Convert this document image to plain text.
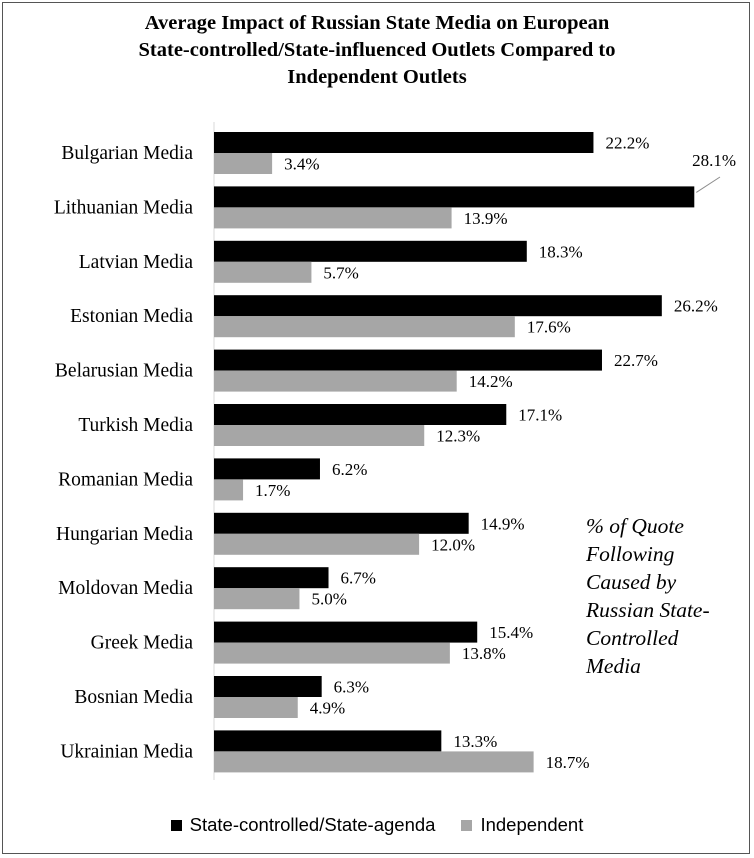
Average Impact of Russian State Media on European
State-controlled/State-influenced Outlets Compared to
Independent Outlets
Bulgarian Media	22.2%
3.4%
Lithuanian Media
28.1%
13.9%
Latvian Media	18.3%
5.7%
Estonian Media	26.2%
17.6%
Belarusian Media	22.7%
14.2%
Turkish Media	17.1%
12.3%
Romanian Media	6.2%
1.7%
Hungarian Media	14.9%
12.0%
Moldovan Media	6.7%
5.0%
Greek Media	15.4%
13.8%
Bosnian Media	6.3%
4.9%
Ukrainian Media	13.3%
18.7%
% of Quote
Following
Caused by
Russian State-
Controlled
Media
State-controlled/State-agenda Independent
